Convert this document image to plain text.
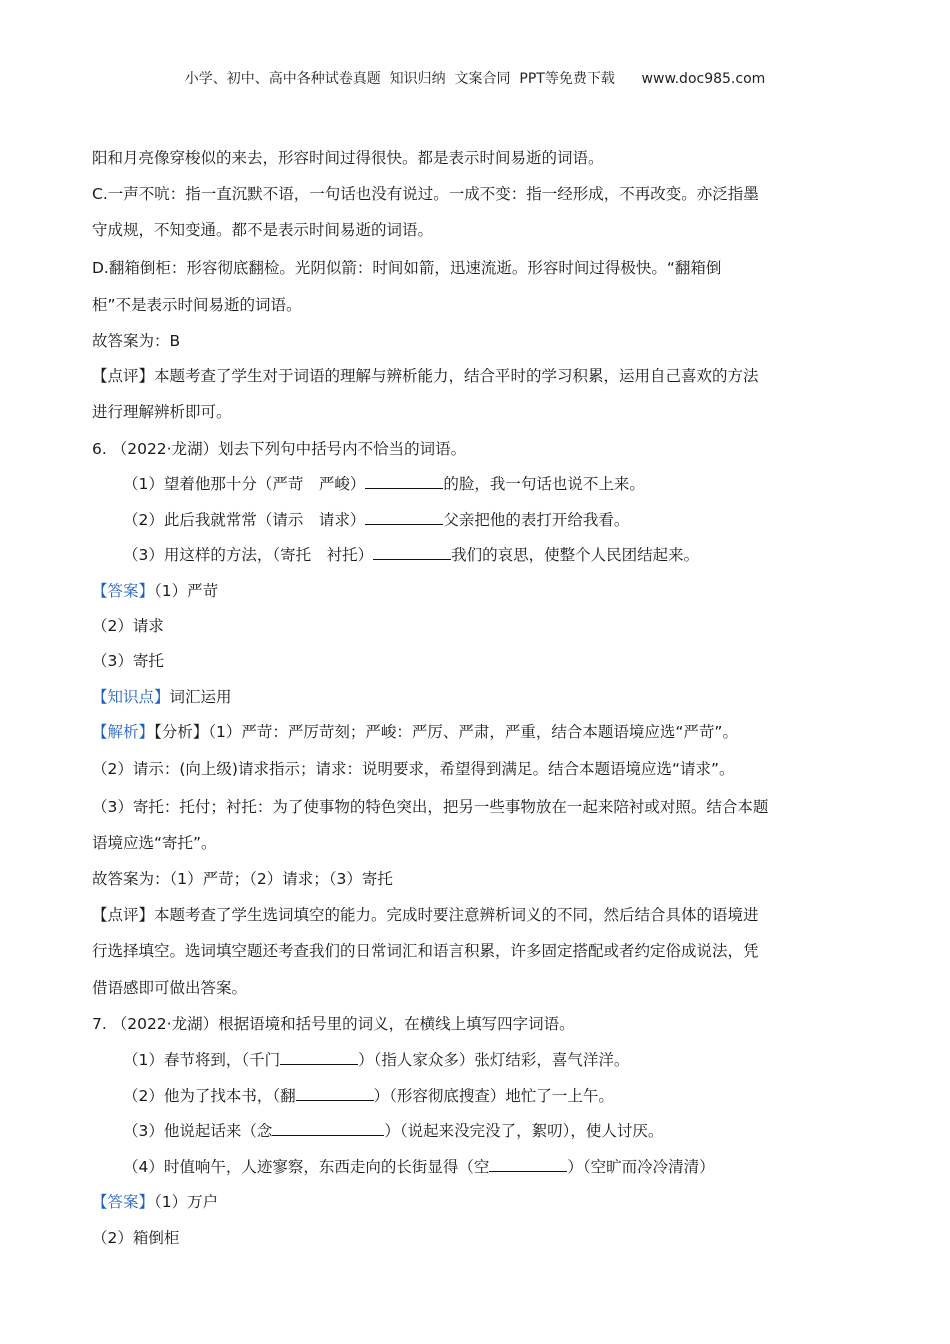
小学、初中、高中各种试卷真题  知识归纳  文案合同  PPT等免费下载      www.doc985.com
阳和月亮像穿梭似的来去，形容时间过得很快。都是表示时间易逝的词语。
C.一声不吭：指一直沉默不语，一句话也没有说过。一成不变：指一经形成，不再改变。亦泛指墨
守成规，不知变通。都不是表示时间易逝的词语。
D.翻箱倒柜：形容彻底翻检。光阴似箭：时间如箭，迅速流逝。形容时间过得极快。“翻箱倒
柜”不是表示时间易逝的词语。
故答案为：B
【点评】本题考查了学生对于词语的理解与辨析能力，结合平时的学习积累，运用自己喜欢的方法
进行理解辨析即可。
6. （2022·龙湖）划去下列句中括号内不恰当的词语。
（1）望着他那十分（严苛　严峻）	的脸，我一句话也说不上来。
（2）此后我就常常（请示　请求）	父亲把他的表打开给我看。
（3）用这样的方法，（寄托　衬托）	我们的哀思，使整个人民团结起来。
【答案】（1）严苛
（2）请求
（3）寄托
【知识点】词汇运用
【解析】【分析】（1）严苛：严厉苛刻；严峻：严厉、严肃，严重，结合本题语境应选“严苛”。
（2）请示：(向上级)请求指示；请求：说明要求，希望得到满足。结合本题语境应选“请求”。
（3）寄托：托付；衬托：为了使事物的特色突出，把另一些事物放在一起来陪衬或对照。结合本题
语境应选“寄托”。
故答案为：（1）严苛；（2）请求；（3）寄托
【点评】本题考查了学生选词填空的能力。完成时要注意辨析词义的不同，然后结合具体的语境进
行选择填空。选词填空题还考查我们的日常词汇和语言积累，许多固定搭配或者约定俗成说法，凭
借语感即可做出答案。
7. （2022·龙湖）根据语境和括号里的词义，在横线上填写四字词语。
（1）春节将到，（千门	）（指人家众多）张灯结彩，喜气洋洋。
（2）他为了找本书，（翻	）（形容彻底搜查）地忙了一上午。
（3）他说起话来（念	）（说起来没完没了，絮叨），使人讨厌。
（4）时值响午，人迹寥察，东西走向的长街显得（空	）（空旷而冷冷清清）
【答案】（1）万户
（2）箱倒柜
